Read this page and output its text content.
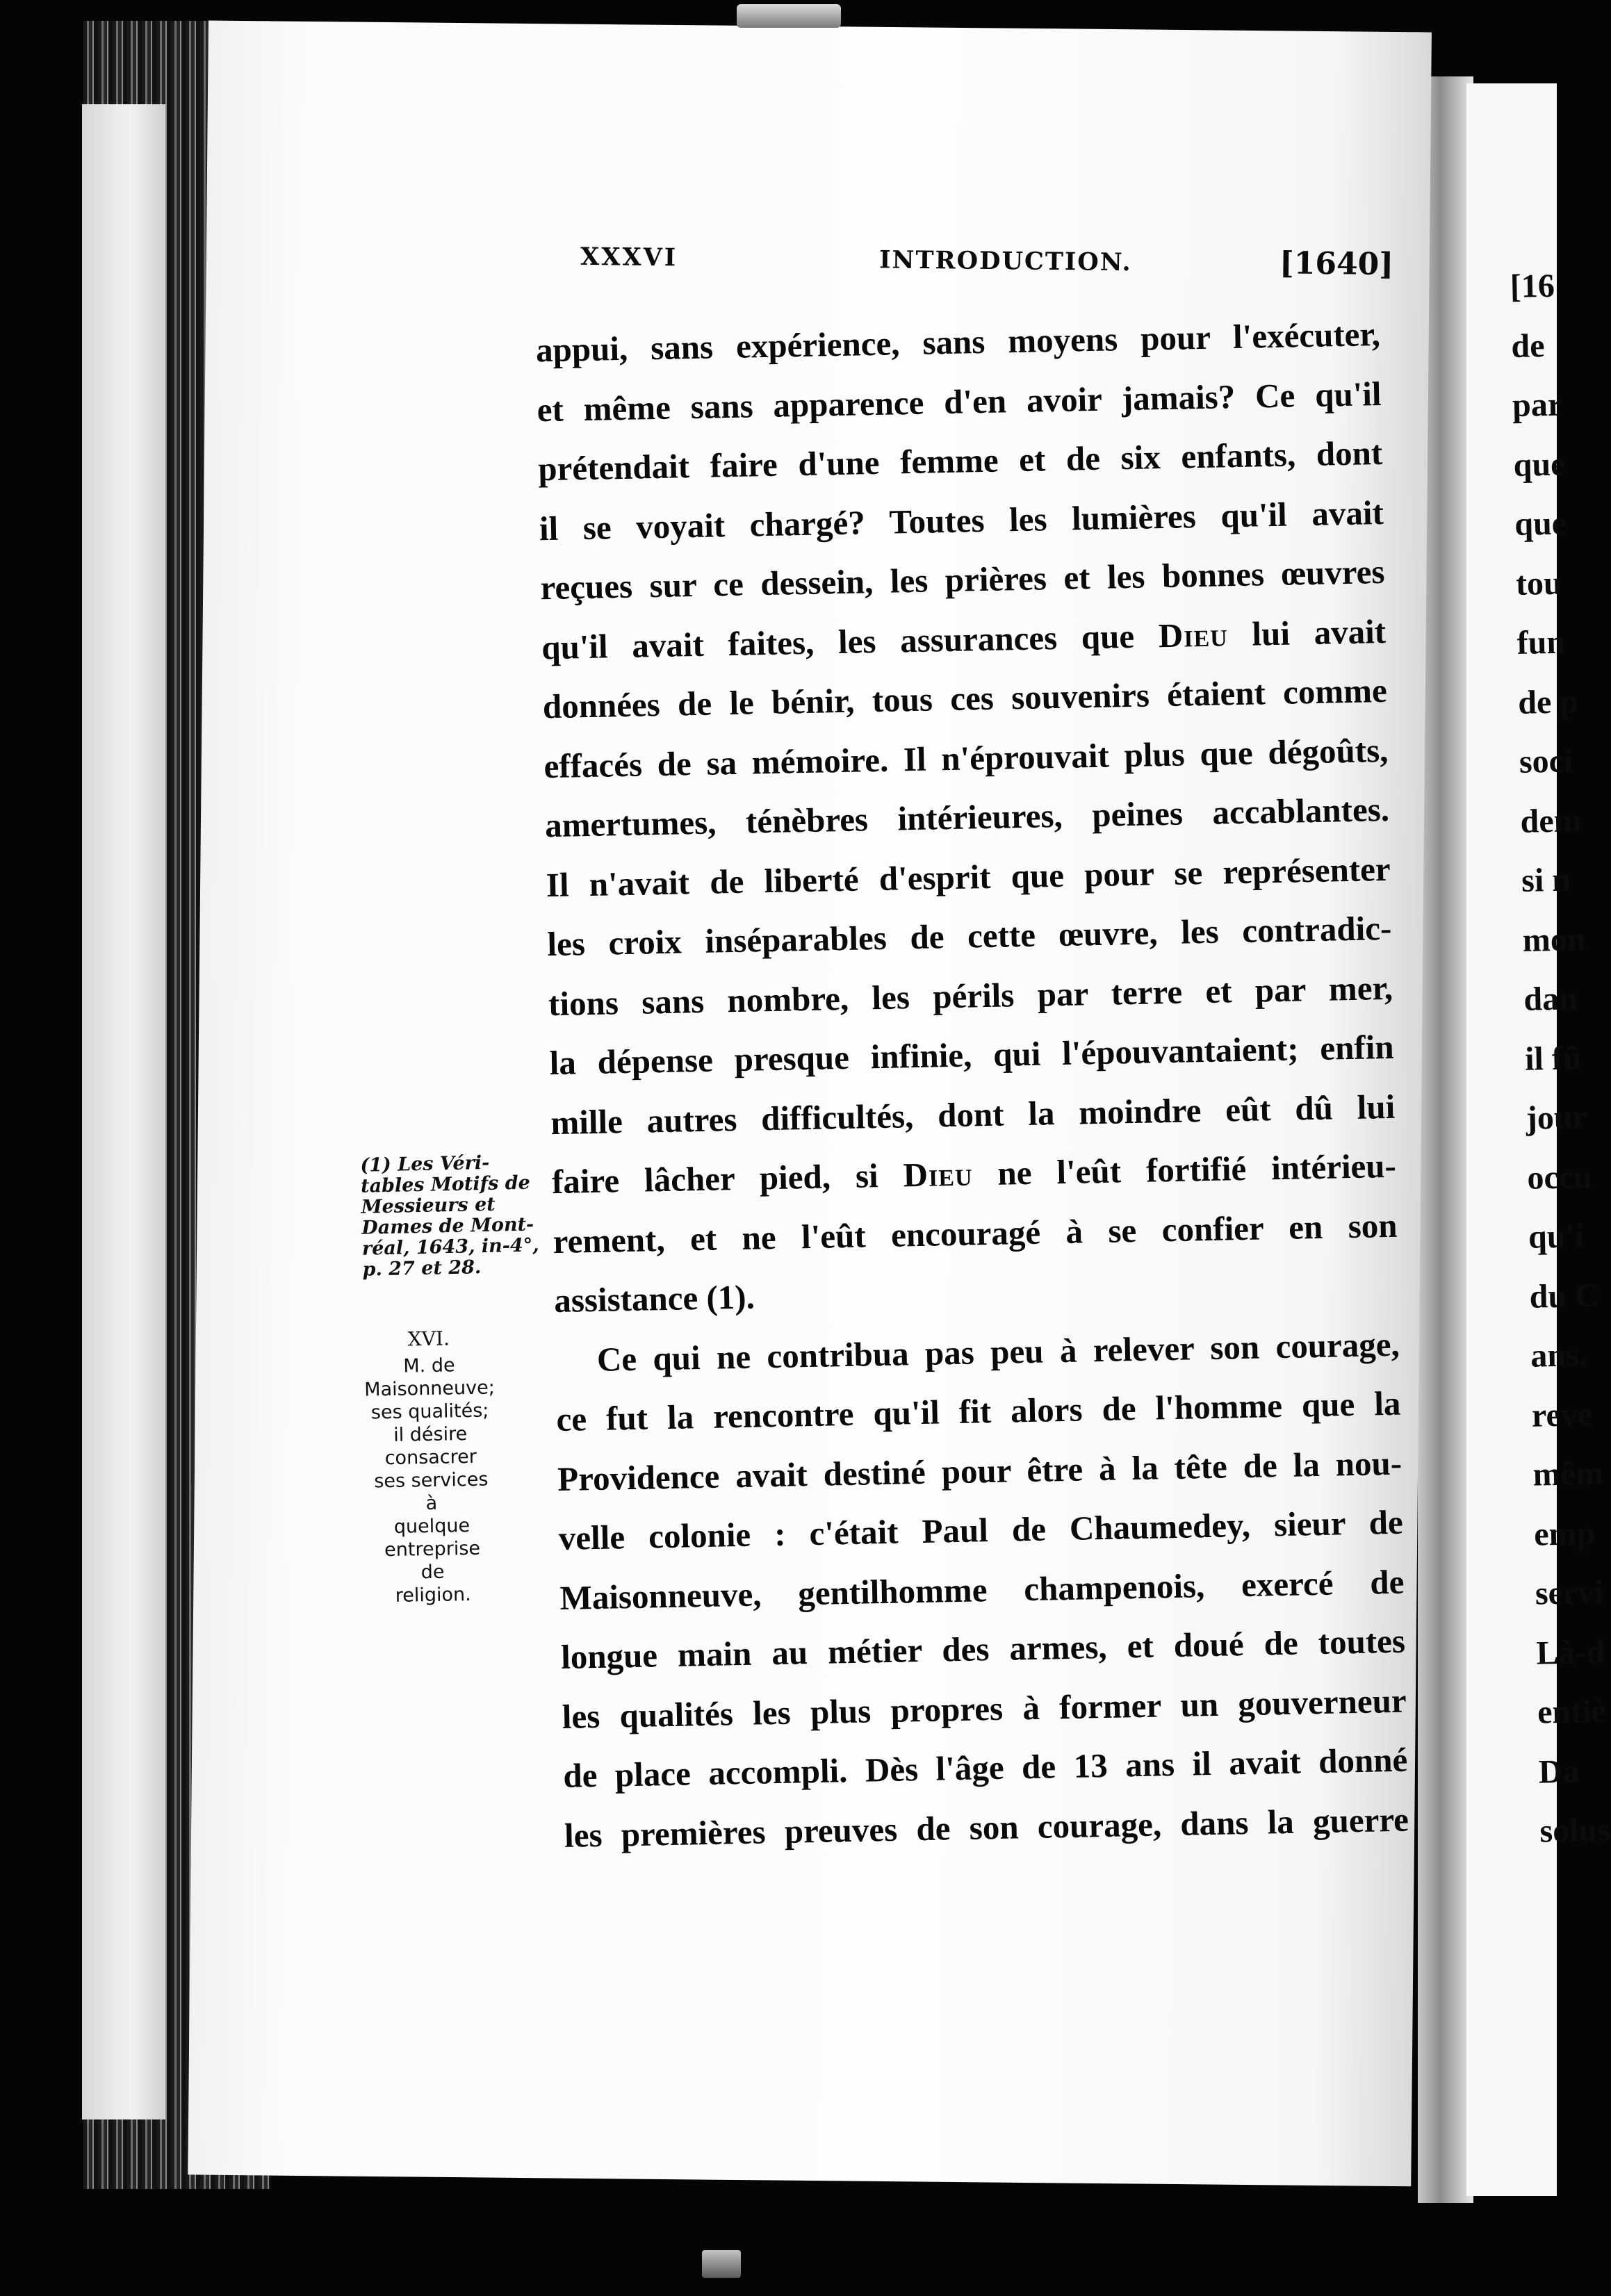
XXXVI	INTRODUCTION.	[1640]
appui, sans expérience, sans moyens pour l'exécuter,
et même sans apparence d'en avoir jamais? Ce qu'il
prétendait faire d'une femme et de six enfants, dont
il se voyait chargé? Toutes les lumières qu'il avait
reçues sur ce dessein, les prières et les bonnes œuvres
qu'il avait faites, les assurances que Dieu lui avait
données de le bénir, tous ces souvenirs étaient comme
effacés de sa mémoire. Il n'éprouvait plus que dégoûts,
amertumes, ténèbres intérieures, peines accablantes.
Il n'avait de liberté d'esprit que pour se représenter
les croix inséparables de cette œuvre, les contradic-
tions sans nombre, les périls par terre et par mer,
la dépense presque infinie, qui l'épouvantaient; enfin
mille autres difficultés, dont la moindre eût dû lui
faire lâcher pied, si Dieu ne l'eût fortifié intérieu-
rement, et ne l'eût encouragé à se confier en son
assistance (1).
Ce qui ne contribua pas peu à relever son courage,
ce fut la rencontre qu'il fit alors de l'homme que la
Providence avait destiné pour être à la tête de la nou-
velle colonie : c'était Paul de Chaumedey, sieur de
Maisonneuve, gentilhomme champenois, exercé de
longue main au métier des armes, et doué de toutes
les qualités les plus propres à former un gouverneur
de place accompli. Dès l'âge de 13 ans il avait donné
les premières preuves de son courage, dans la guerre
(1) Les Véri-
tables Motifs de
Messieurs et
Dames de Mont-
réal, 1643, in-4°,
p. 27 et 28.
XVI.
M. de
Maisonneuve;
ses qualités;
il désire
consacrer
ses services
à
quelque
entreprise
de
religion.
[16
de
par
que
que
tou
fun
de p
soci
dem
si n
mon
dan
il fû
jour
occu
qu'i
du C
ans.
reve
mêm
emp
servi
Là-d
entiè
Da
solus
